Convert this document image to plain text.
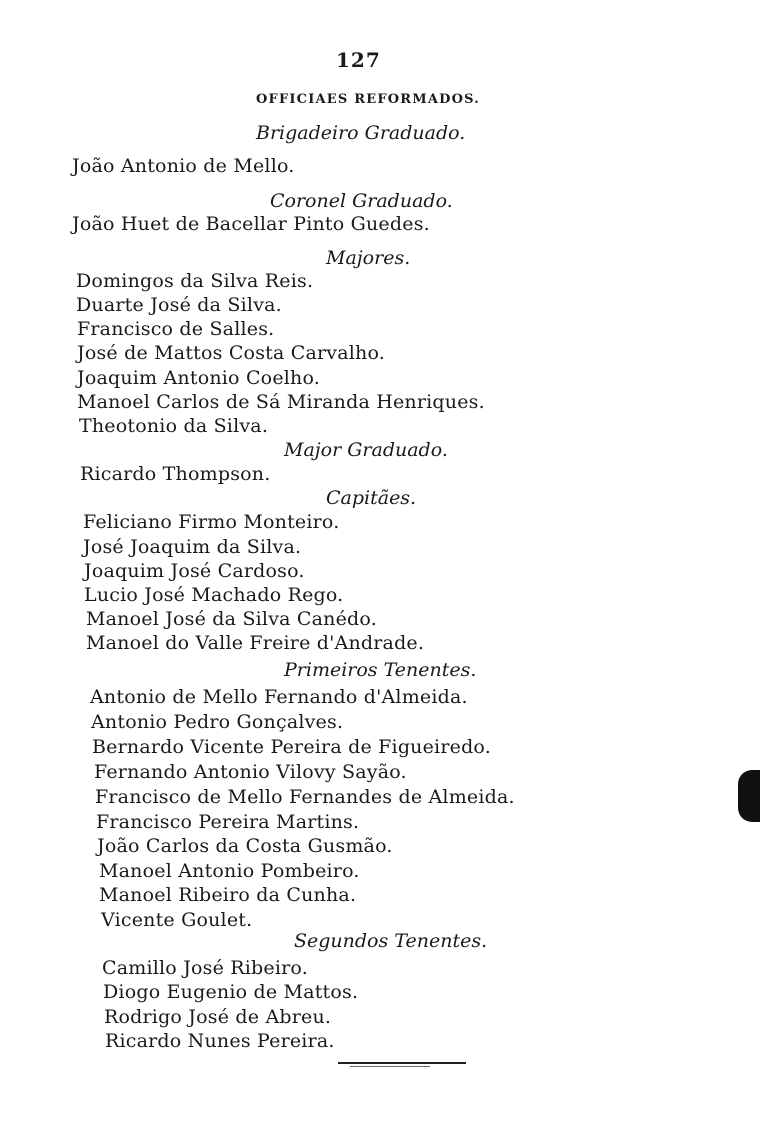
127
OFFICIAES REFORMADOS.
Brigadeiro Graduado.
João Antonio de Mello.
Coronel Graduado.
João Huet de Bacellar Pinto Guedes.
Majores.
Domingos da Silva Reis.
Duarte José da Silva.
Francisco de Salles.
José de Mattos Costa Carvalho.
Joaquim Antonio Coelho.
Manoel Carlos de Sá Miranda Henriques.
Theotonio da Silva.
Major Graduado.
Ricardo Thompson.
Capitães.
Feliciano Firmo Monteiro.
José Joaquim da Silva.
Joaquim José Cardoso.
Lucio José Machado Rego.
Manoel José da Silva Canédo.
Manoel do Valle Freire d'Andrade.
Primeiros Tenentes.
Antonio de Mello Fernando d'Almeida.
Antonio Pedro Gonçalves.
Bernardo Vicente Pereira de Figueiredo.
Fernando Antonio Vilovy Sayão.
Francisco de Mello Fernandes de Almeida.
Francisco Pereira Martins.
João Carlos da Costa Gusmão.
Manoel Antonio Pombeiro.
Manoel Ribeiro da Cunha.
Vicente Goulet.
Segundos Tenentes.
Camillo José Ribeiro.
Diogo Eugenio de Mattos.
Rodrigo José de Abreu.
Ricardo Nunes Pereira.
